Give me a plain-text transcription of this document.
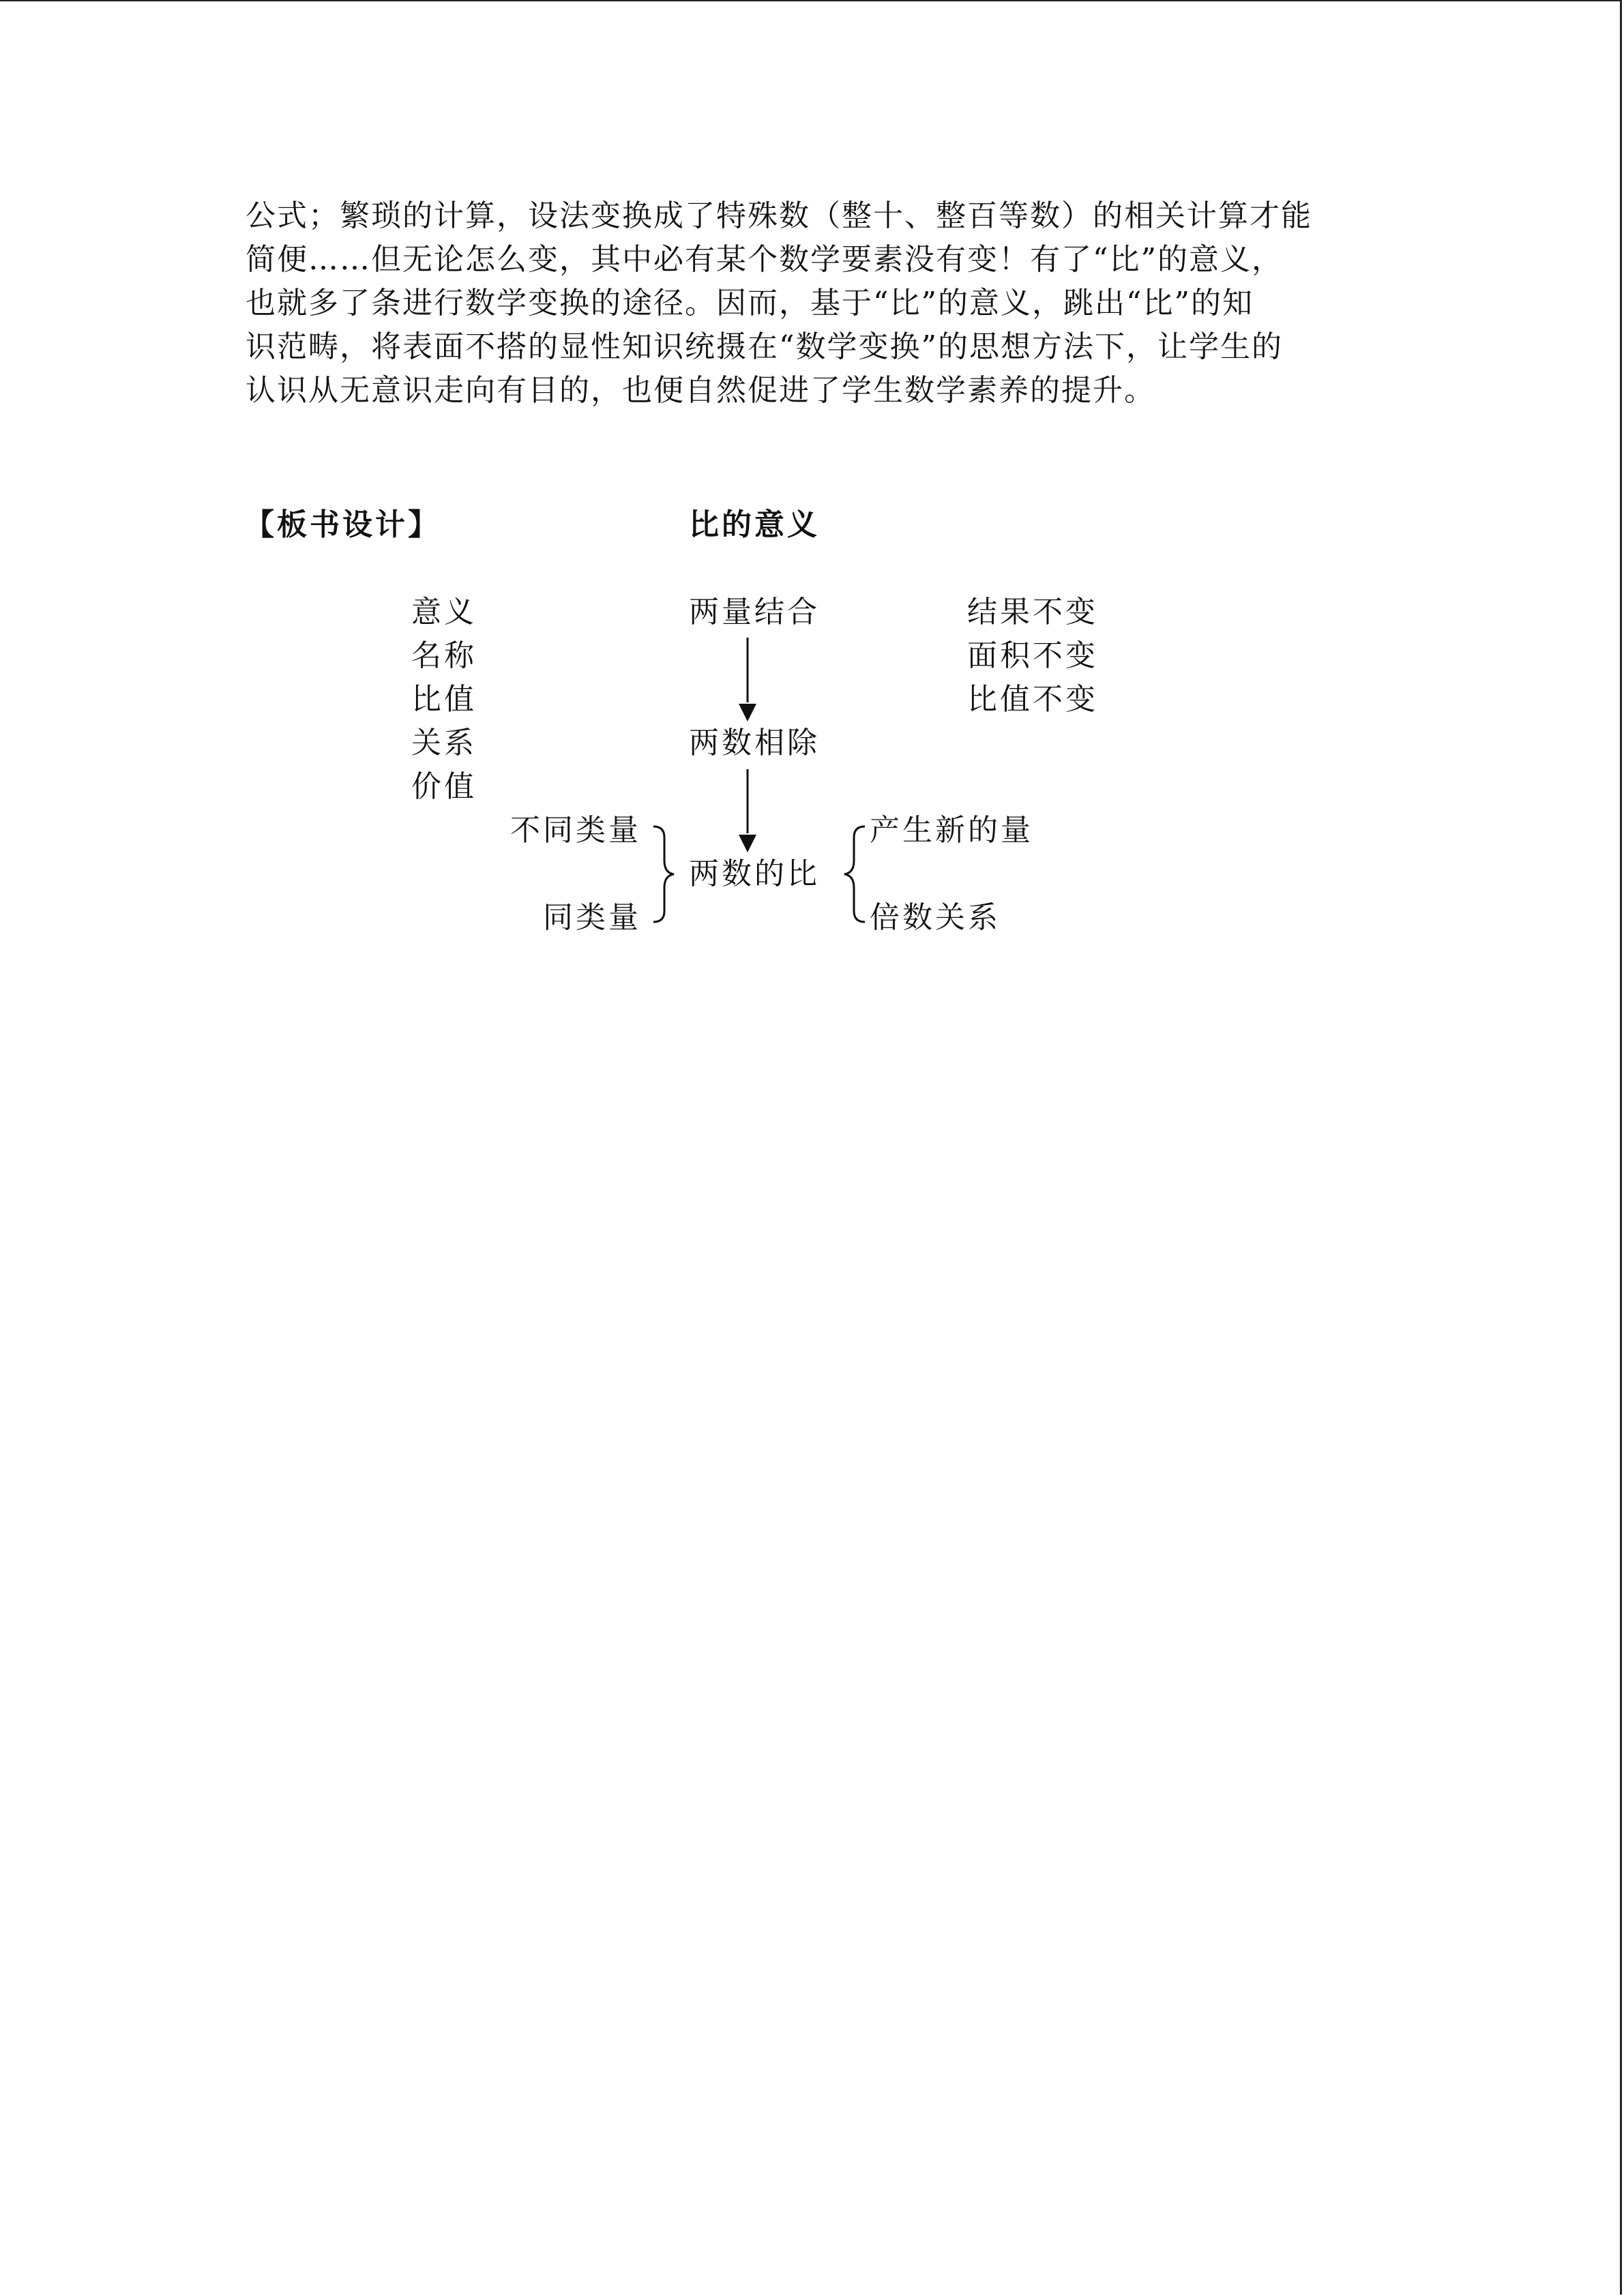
公式；繁琐的计算，设法变换成了特殊数（整十、整百等数）的相关计算才能
简便……但无论怎么变，其中必有某个数学要素没有变！有了“比”的意义，
也就多了条进行数学变换的途径。因而，基于“比”的意义，跳出“比”的知
识范畴，将表面不搭的显性知识统摄在“数学变换”的思想方法下，让学生的
认识从无意识走向有目的，也便自然促进了学生数学素养的提升。
【板书设计】	比的意义
意义
名称
比值
关系
价值
两量结合
两数相除
两数的比
结果不变
面积不变
比值不变
不同类量
同类量
产生新的量
倍数关系
